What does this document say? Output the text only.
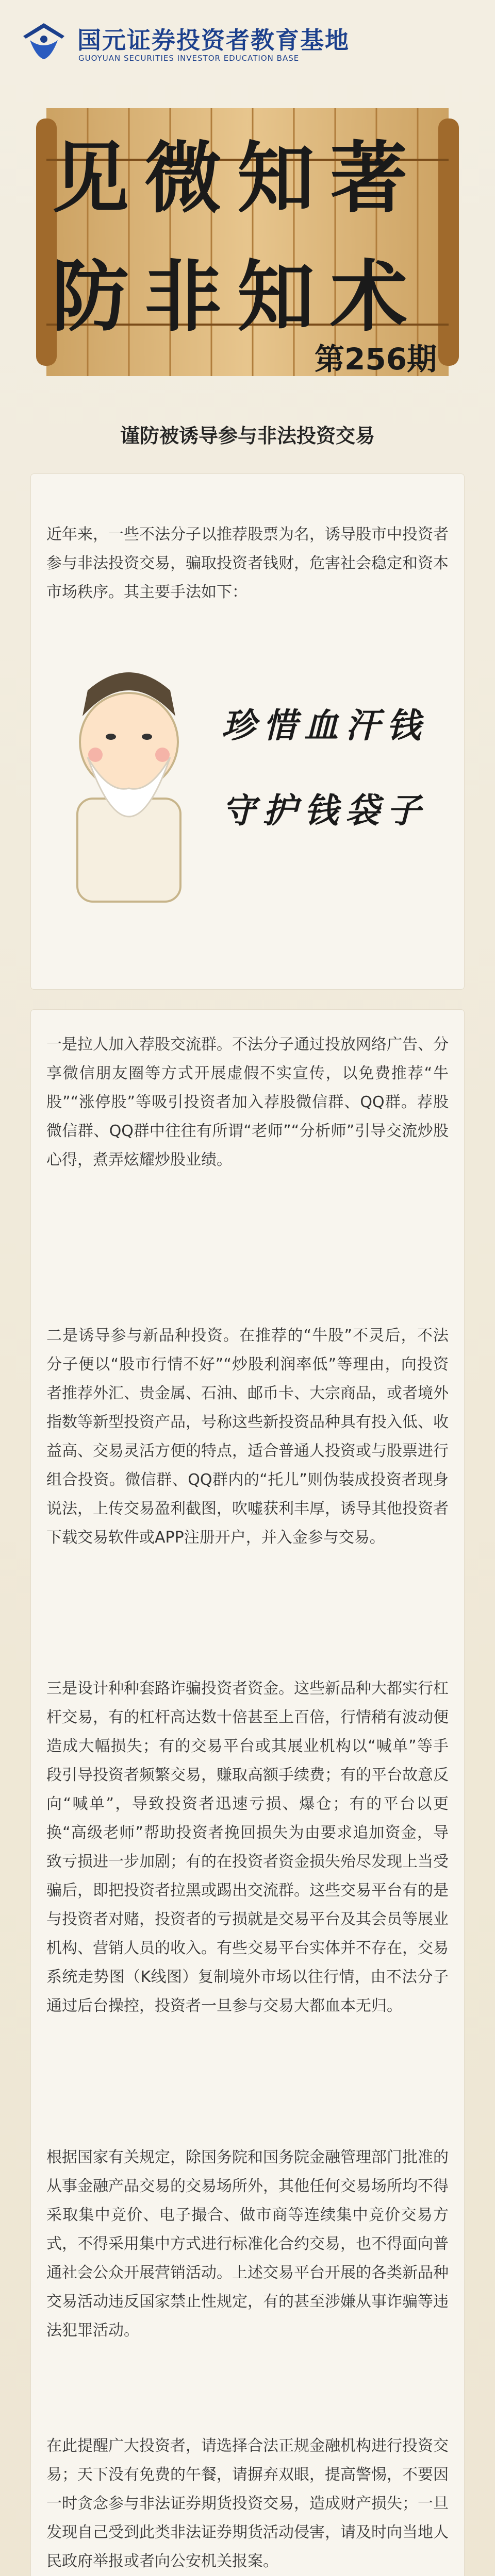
国元证券投资者教育基地
GUOYUAN SECURITIES INVESTOR EDUCATION BASE
见微知著
防非知术
第256期
谨防被诱导参与非法投资交易
近年来，一些不法分子以推荐股票为名，诱导股市中投资者参与非法投资交易，骗取投资者钱财，危害社会稳定和资本市场秩序。其主要手法如下：
珍惜血汗钱
守护钱袋子
一是拉人加入荐股交流群。不法分子通过投放网络广告、分享微信朋友圈等方式开展虚假不实宣传，以免费推荐“牛股”“涨停股”等吸引投资者加入荐股微信群、QQ群。荐股微信群、QQ群中往往有所谓“老师”“分析师”引导交流炒股心得，煮弄炫耀炒股业绩。
二是诱导参与新品种投资。在推荐的“牛股”不灵后，不法分子便以“股市行情不好”“炒股利润率低”等理由，向投资者推荐外汇、贵金属、石油、邮币卡、大宗商品，或者境外指数等新型投资产品，号称这些新投资品种具有投入低、收益高、交易灵活方便的特点，适合普通人投资或与股票进行组合投资。微信群、QQ群内的“托儿”则伪装成投资者现身说法，上传交易盈利截图，吹嘘获利丰厚，诱导其他投资者下载交易软件或APP注册开户，并入金参与交易。
三是设计种种套路诈骗投资者资金。这些新品种大都实行杠杆交易，有的杠杆高达数十倍甚至上百倍，行情稍有波动便造成大幅损失；有的交易平台或其展业机构以“喊单”等手段引导投资者频繁交易，赚取高额手续费；有的平台故意反向“喊单”，导致投资者迅速亏损、爆仓；有的平台以更换“高级老师”帮助投资者挽回损失为由要求追加资金，导致亏损进一步加剧；有的在投资者资金损失殆尽发现上当受骗后，即把投资者拉黑或踢出交流群。这些交易平台有的是与投资者对赌，投资者的亏损就是交易平台及其会员等展业机构、营销人员的收入。有些交易平台实体并不存在，交易系统走势图（K线图）复制境外市场以往行情，由不法分子通过后台操控，投资者一旦参与交易大都血本无归。
根据国家有关规定，除国务院和国务院金融管理部门批准的从事金融产品交易的交易场所外，其他任何交易场所均不得采取集中竞价、电子撮合、做市商等连续集中竞价交易方式，不得采用集中方式进行标准化合约交易，也不得面向普通社会公众开展营销活动。上述交易平台开展的各类新品种交易活动违反国家禁止性规定，有的甚至涉嫌从事诈骗等违法犯罪活动。
在此提醒广大投资者，请选择合法正规金融机构进行投资交易；天下没有免费的午餐，请摒弃双眼，提高警惕，不要因一时贪念参与非法证券期货投资交易，造成财产损失；一旦发现自己受到此类非法证券期货活动侵害，请及时向当地人民政府举报或者向公安机关报案。
